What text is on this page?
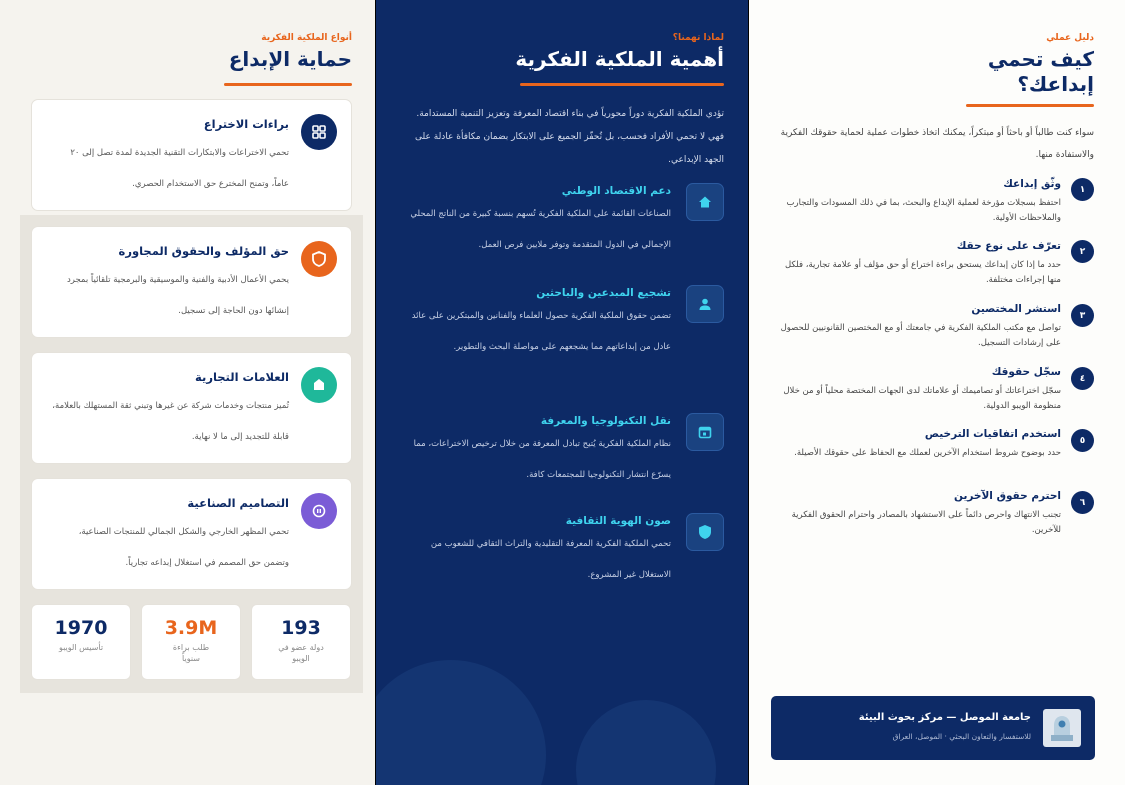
أنواع الملكية الفكرية
حماية الإبداع
براءات الاختراع
تحمي الاختراعات والابتكارات التقنية الجديدة لمدة تصل إلى ٢٠ عاماً، وتمنح المخترع حق الاستخدام الحصري.
حق المؤلف والحقوق المجاورة
يحمي الأعمال الأدبية والفنية والموسيقية والبرمجية تلقائياً بمجرد إنشائها دون الحاجة إلى تسجيل.
العلامات التجارية
تُميز منتجات وخدمات شركة عن غيرها وتبني ثقة المستهلك بالعلامة، قابلة للتجديد إلى ما لا نهاية.
التصاميم الصناعية
تحمي المظهر الخارجي والشكل الجمالي للمنتجات الصناعية، وتضمن حق المصمم في استغلال إبداعه تجارياً.
193
دولة عضو في الويبو
3.9M
طلب براءة سنوياً
1970
تأسيس الويبو
لماذا تهمنا؟
أهمية الملكية الفكرية
تؤدي الملكية الفكرية دوراً محورياً في بناء اقتصاد المعرفة وتعزيز التنمية المستدامة. فهي لا تحمي الأفراد فحسب، بل تُحفّز الجميع على الابتكار بضمان مكافأة عادلة على الجهد الإبداعي.
دعم الاقتصاد الوطني
الصناعات القائمة على الملكية الفكرية تُسهم بنسبة كبيرة من الناتج المحلي الإجمالي في الدول المتقدمة وتوفر ملايين فرص العمل.
تشجيع المبدعين والباحثين
تضمن حقوق الملكية الفكرية حصول العلماء والفنانين والمبتكرين على عائد عادل من إبداعاتهم مما يشجعهم على مواصلة البحث والتطوير.
نقل التكنولوجيا والمعرفة
نظام الملكية الفكرية يُتيح تبادل المعرفة من خلال ترخيص الاختراعات، مما يسرّع انتشار التكنولوجيا للمجتمعات كافة.
صون الهوية الثقافية
تحمي الملكية الفكرية المعرفة التقليدية والتراث الثقافي للشعوب من الاستغلال غير المشروع.
دليل عملي
كيف تحمي
إبداعك؟
سواء كنت طالباً أو باحثاً أو مبتكراً، يمكنك اتخاذ خطوات عملية لحماية حقوقك الفكرية والاستفادة منها.
١
وثّق إبداعك
احتفظ بسجلات مؤرخة لعملية الإبداع والبحث، بما في ذلك المسودات والتجارب والملاحظات الأولية.
٢
تعرّف على نوع حقك
حدد ما إذا كان إبداعك يستحق براءة اختراع أو حق مؤلف أو علامة تجارية، فلكل منها إجراءات مختلفة.
٣
استشر المختصين
تواصل مع مكتب الملكية الفكرية في جامعتك أو مع المختصين القانونيين للحصول على إرشادات التسجيل.
٤
سجّل حقوقك
سجّل اختراعاتك أو تصاميمك أو علاماتك لدى الجهات المختصة محلياً أو من خلال منظومة الويبو الدولية.
٥
استخدم اتفاقيات الترخيص
حدد بوضوح شروط استخدام الآخرين لعملك مع الحفاظ على حقوقك الأصيلة.
٦
احترم حقوق الآخرين
تجنب الانتهاك واحرص دائماً على الاستشهاد بالمصادر واحترام الحقوق الفكرية للآخرين.
جامعة الموصل — مركز بحوث البيئة
للاستفسار والتعاون البحثي · الموصل، العراق
